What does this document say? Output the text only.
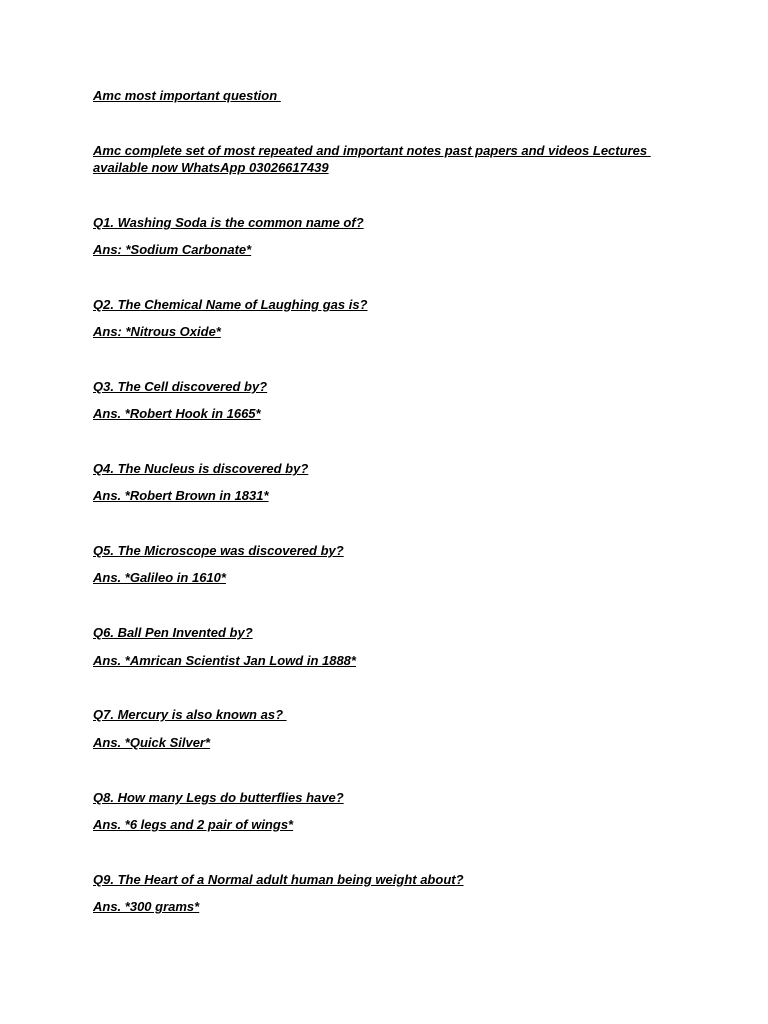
Amc most important question

Amc complete set of most repeated and important notes past papers and videos Lectures available now WhatsApp 03026617439

Q1. Washing Soda is the common name of?

Ans: *Sodium Carbonate*

Q2. The Chemical Name of Laughing gas is?

Ans: *Nitrous Oxide*

Q3. The Cell discovered by?

Ans. *Robert Hook in 1665*

Q4. The Nucleus is discovered by?

Ans. *Robert Brown in 1831*

Q5. The Microscope was discovered by?

Ans. *Galileo in 1610*

Q6. Ball Pen Invented by?

Ans. *Amrican Scientist Jan Lowd in 1888*

Q7. Mercury is also known as?

Ans. *Quick Silver*

Q8. How many Legs do butterflies have?

Ans. *6 legs and 2 pair of wings*

Q9. The Heart of a Normal adult human being weight about?

Ans. *300 grams*
